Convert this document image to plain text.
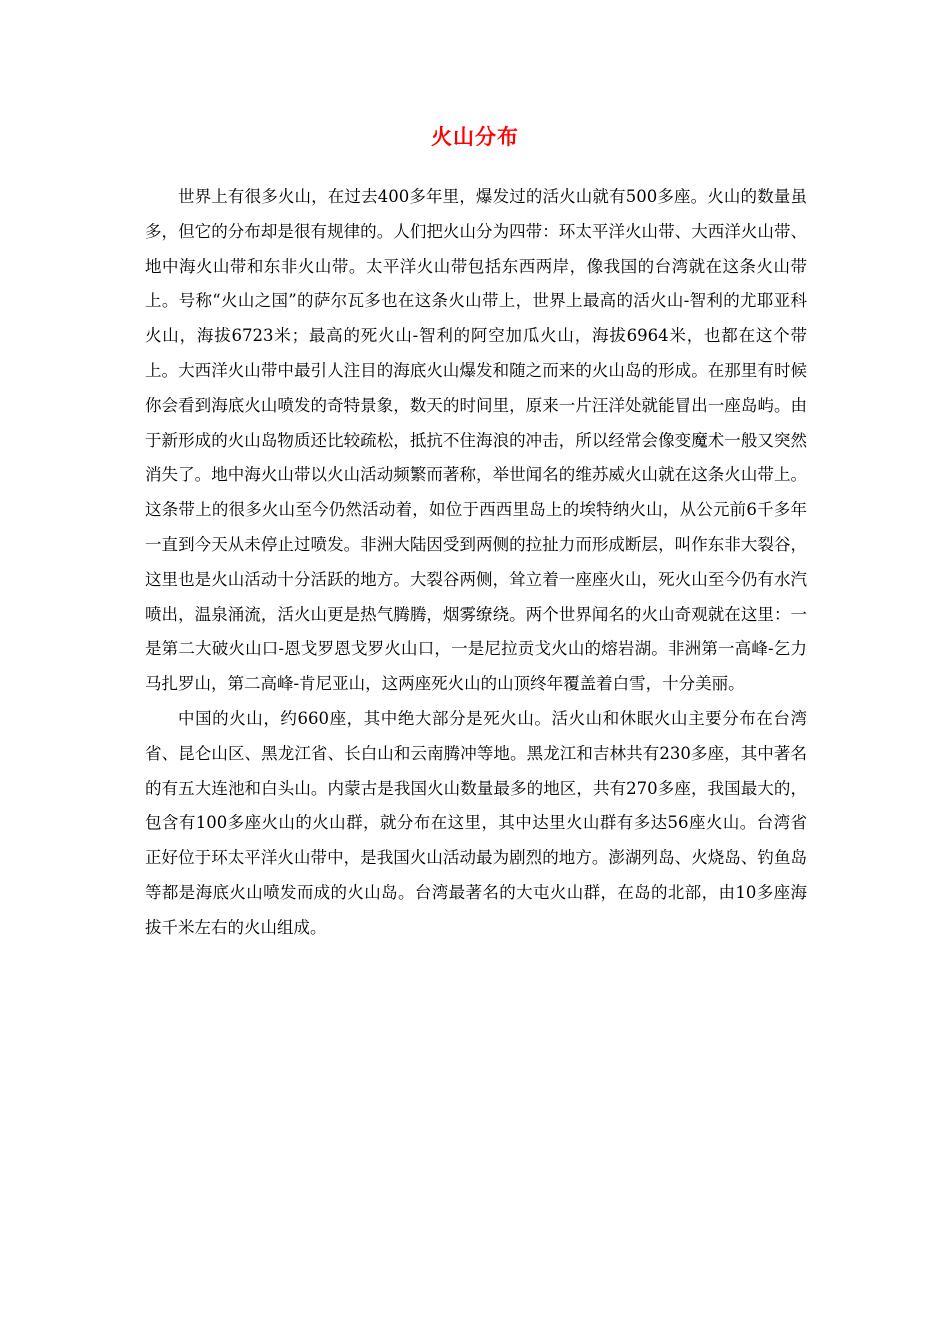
火山分布

世界上有很多火山，在过去400多年里，爆发过的活火山就有500多座。火山的数量虽多，但它的分布却是很有规律的。人们把火山分为四带：环太平洋火山带、大西洋火山带、地中海火山带和东非火山带。太平洋火山带包括东西两岸，像我国的台湾就在这条火山带上。号称“火山之国”的萨尔瓦多也在这条火山带上，世界上最高的活火山-智利的尤耶亚科火山，海拔6723米；最高的死火山-智利的阿空加瓜火山，海拔6964米，也都在这个带上。大西洋火山带中最引人注目的海底火山爆发和随之而来的火山岛的形成。在那里有时候你会看到海底火山喷发的奇特景象，数天的时间里，原来一片汪洋处就能冒出一座岛屿。由于新形成的火山岛物质还比较疏松，抵抗不住海浪的冲击，所以经常会像变魔术一般又突然消失了。地中海火山带以火山活动频繁而著称，举世闻名的维苏威火山就在这条火山带上。这条带上的很多火山至今仍然活动着，如位于西西里岛上的埃特纳火山，从公元前6千多年一直到今天从未停止过喷发。非洲大陆因受到两侧的拉扯力而形成断层，叫作东非大裂谷，这里也是火山活动十分活跃的地方。大裂谷两侧，耸立着一座座火山，死火山至今仍有水汽喷出，温泉涌流，活火山更是热气腾腾，烟雾缭绕。两个世界闻名的火山奇观就在这里：一是第二大破火山口-恩戈罗恩戈罗火山口，一是尼拉贡戈火山的熔岩湖。非洲第一高峰-乞力马扎罗山，第二高峰-肯尼亚山，这两座死火山的山顶终年覆盖着白雪，十分美丽。

中国的火山，约660座，其中绝大部分是死火山。活火山和休眠火山主要分布在台湾省、昆仑山区、黑龙江省、长白山和云南腾冲等地。黑龙江和吉林共有230多座，其中著名的有五大连池和白头山。内蒙古是我国火山数量最多的地区，共有270多座，我国最大的，包含有100多座火山的火山群，就分布在这里，其中达里火山群有多达56座火山。台湾省正好位于环太平洋火山带中，是我国火山活动最为剧烈的地方。澎湖列岛、火烧岛、钓鱼岛等都是海底火山喷发而成的火山岛。台湾最著名的大屯火山群，在岛的北部，由10多座海拔千米左右的火山组成。
